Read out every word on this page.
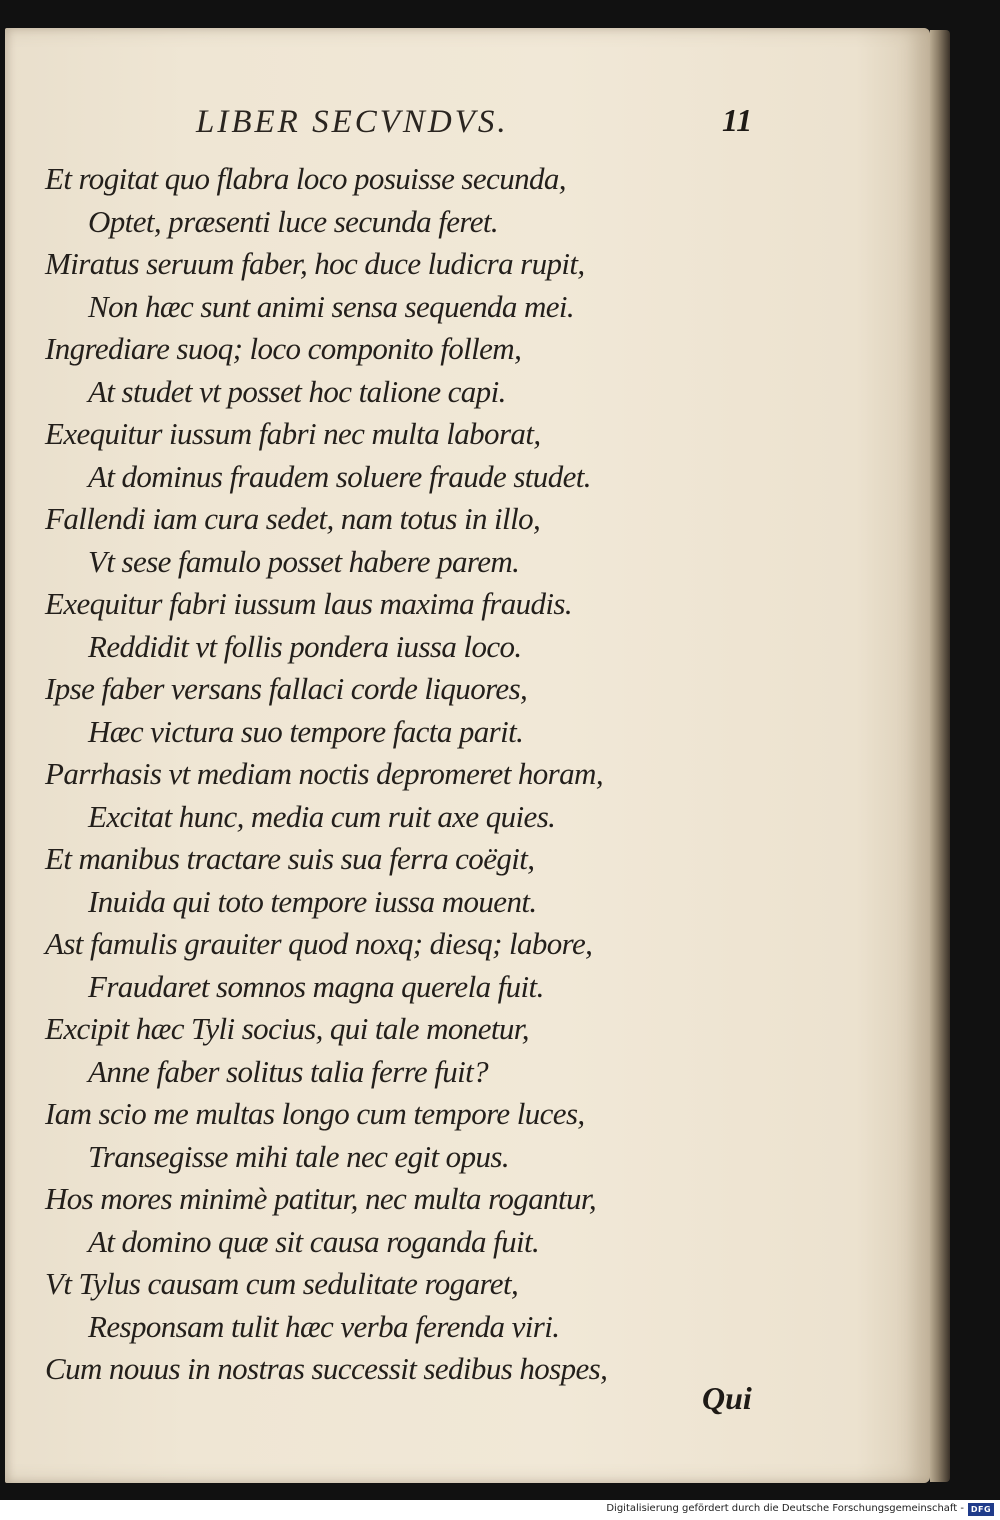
LIBER SECVNDVS.	11
Et rogitat quo flabra loco posuisse secunda,
Optet, præsenti luce secunda feret.
Miratus seruum faber, hoc duce ludicra rupit,
Non hæc sunt animi sensa sequenda mei.
Ingrediare suoq; loco componito follem,
At studet vt posset hoc talione capi.
Exequitur iussum fabri nec multa laborat,
At dominus fraudem soluere fraude studet.
Fallendi iam cura sedet, nam totus in illo,
Vt sese famulo posset habere parem.
Exequitur fabri iussum laus maxima fraudis.
Reddidit vt follis pondera iussa loco.
Ipse faber versans fallaci corde liquores,
Hæc victura suo tempore facta parit.
Parrhasis vt mediam noctis depromeret horam,
Excitat hunc, media cum ruit axe quies.
Et manibus tractare suis sua ferra coëgit,
Inuida qui toto tempore iussa mouent.
Ast famulis grauiter quod noxq; diesq; labore,
Fraudaret somnos magna querela fuit.
Excipit hæc Tyli socius, qui tale monetur,
Anne faber solitus talia ferre fuit?
Iam scio me multas longo cum tempore luces,
Transegisse mihi tale nec egit opus.
Hos mores minimè patitur, nec multa rogantur,
At domino quæ sit causa roganda fuit.
Vt Tylus causam cum sedulitate rogaret,
Responsam tulit hæc verba ferenda viri.
Cum nouus in nostras successit sedibus hospes,
Qui
Digitalisierung gefördert durch die Deutsche Forschungsgemeinschaft - DFG
